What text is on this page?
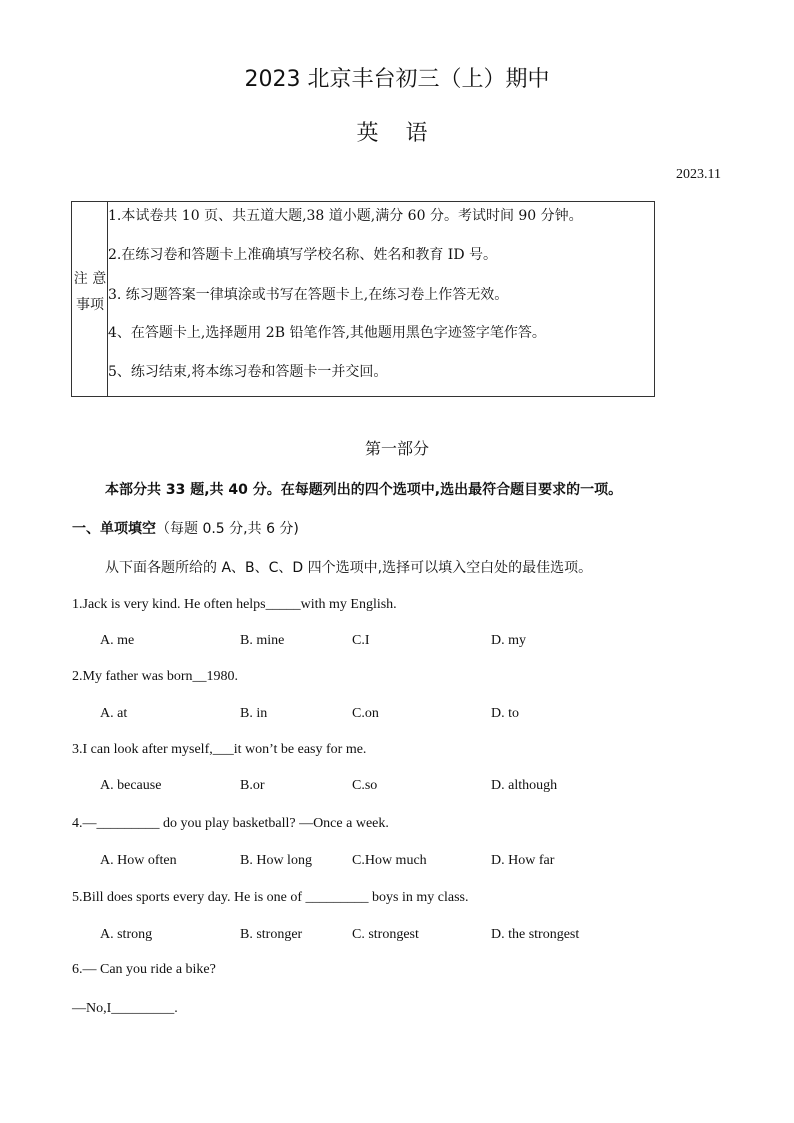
2023 北京丰台初三（上）期中
英 语
2023.11
注 意
事项
1.本试卷共 10 页、共五道大题,38 道小题,满分 60 分。考试时间 90 分钟。
2.在练习卷和答题卡上准确填写学校名称、姓名和教育 ID 号。
3. 练习题答案一律填涂或书写在答题卡上,在练习卷上作答无效。
4、在答题卡上,选择题用 2B 铅笔作答,其他题用黑色字迹签字笔作答。
5、练习结束,将本练习卷和答题卡一并交回。
第一部分
本部分共 33 题,共 40 分。在每题列出的四个选项中,选出最符合题目要求的一项。
一、单项填空（每题 0.5 分,共 6 分)
从下面各题所给的 A、B、C、D 四个选项中,选择可以填入空白处的最佳选项。
1.Jack is very kind. He often helps_____with my English.
A. me	B. mine	C.I	D. my
2.My father was born__1980.
A. at	B. in	C.on	D. to
3.I can look after myself,___it won’t be easy for me.
A. because	B.or	C.so	D. although
4.—_________ do you play basketball? —Once a week.
A. How often	B. How long	C.How much	D. How far
5.Bill does sports every day. He is one of _________ boys in my class.
A. strong	B. stronger	C. strongest	D. the strongest
6.— Can you ride a bike?
—No,I_________.
